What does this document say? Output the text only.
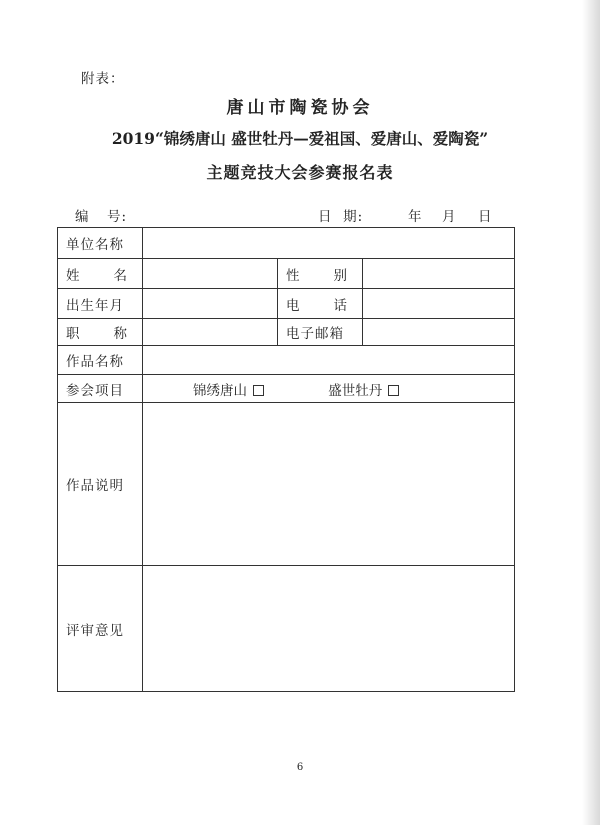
附表：
唐山市陶瓷协会
2019“锦绣唐山 盛世牡丹—爱祖国、爱唐山、爱陶瓷”
主题竞技大会参赛报名表
编 号:	日  期:	年 月 日
单位名称			

姓 名		性 别	

出生年月		电 话	

职 称		电子邮箱	
作品名称			
参会项目	锦绣唐山 盛世牡丹		
作品说明			
评审意见			
6
